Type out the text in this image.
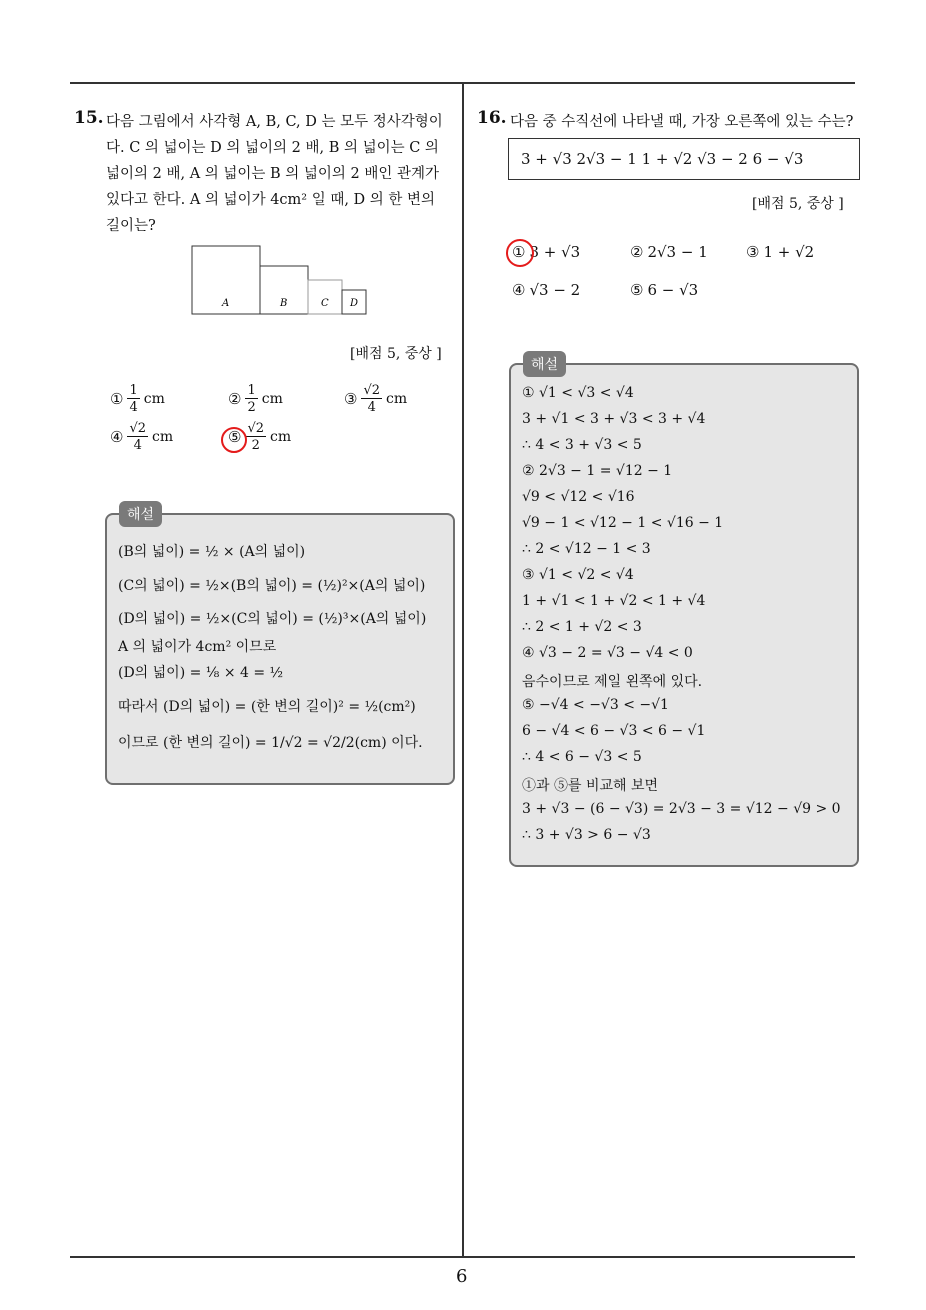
6
15. 다음 그림에서 사각형 A, B, C, D 는 모두 정사각형이
다. C 의 넓이는 D 의 넓이의 2 배, B 의 넓이는 C 의
넓이의 2 배, A 의 넓이는 B 의 넓이의 2 배인 관계가
있다고 한다. A 의 넓이가 4cm² 일 때, D 의 한 변의
길이는?
A	B	C D
[배점 5, 중상 ]
① $\frac{1}{4}$ cm	② $\frac{1}{2}$ cm	③ $\frac{√2}{4}$ cm
④ $\frac{√2}{4}$ cm	⑤ $\frac{√2}{2}$ cm
해설
(B의 넓이) = ½ × (A의 넓이)
(C의 넓이) = ½×(B의 넓이) = (½)²×(A의 넓이)
(D의 넓이) = ½×(C의 넓이) = (½)³×(A의 넓이)
A 의 넓이가 4cm² 이므로
(D의 넓이) = ⅛ × 4 = ½
따라서 (D의 넓이) = (한 변의 길이)² = ½(cm²)
이므로 (한 변의 길이) = 1/√2 = √2/2(cm) 이다.
16. 다음 중 수직선에 나타낼 때, 가장 오른쪽에 있는 수는?
3 + √3 2√3 − 1 1 + √2 √3 − 2 6 − √3
[배점 5, 중상 ]
① 3 + √3	② 2√3 − 1	③ 1 + √2
④ √3 − 2	⑤ 6 − √3
해설
① √1 < √3 < √4
3 + √1 < 3 + √3 < 3 + √4
∴ 4 < 3 + √3 < 5
② 2√3 − 1 = √12 − 1
√9 < √12 < √16
√9 − 1 < √12 − 1 < √16 − 1
∴ 2 < √12 − 1 < 3
③ √1 < √2 < √4
1 + √1 < 1 + √2 < 1 + √4
∴ 2 < 1 + √2 < 3
④ √3 − 2 = √3 − √4 < 0
음수이므로 제일 왼쪽에 있다.
⑤ −√4 < −√3 < −√1
6 − √4 < 6 − √3 < 6 − √1
∴ 4 < 6 − √3 < 5
①과 ⑤를 비교해 보면
3 + √3 − (6 − √3) = 2√3 − 3 = √12 − √9 > 0
∴ 3 + √3 > 6 − √3
